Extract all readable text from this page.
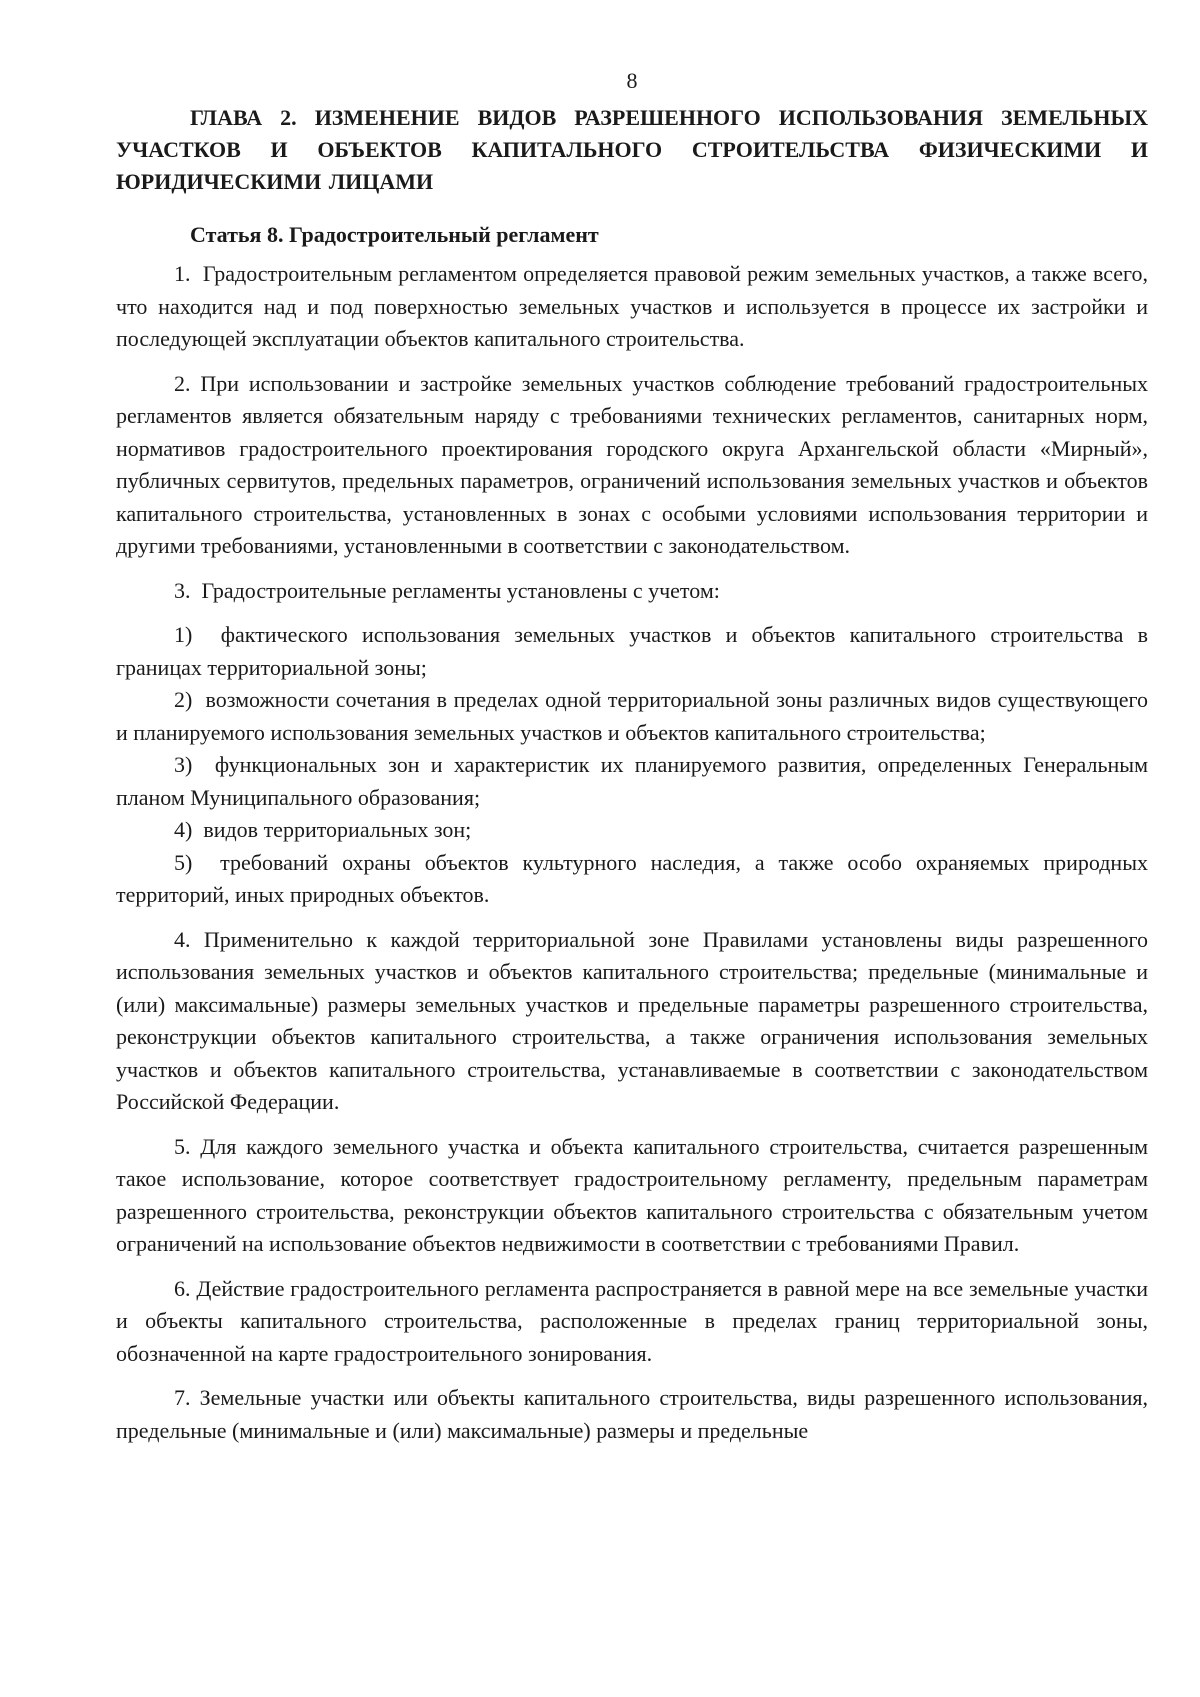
8
ГЛАВА 2. ИЗМЕНЕНИЕ ВИДОВ РАЗРЕШЕННОГО ИСПОЛЬЗОВАНИЯ ЗЕМЕЛЬНЫХ УЧАСТКОВ И ОБЪЕКТОВ КАПИТАЛЬНОГО СТРОИТЕЛЬСТВА ФИЗИЧЕСКИМИ И ЮРИДИЧЕСКИМИ ЛИЦАМИ
Статья 8. Градостроительный регламент

1.  Градостроительным регламентом определяется правовой режим земельных участков, а также всего, что находится над и под поверхностью земельных участков и используется в процессе их застройки и последующей эксплуатации объектов капитального строительства.

2. При использовании и застройке земельных участков соблюдение требований градостроительных регламентов является обязательным наряду с требованиями технических регламентов, санитарных норм, нормативов градостроительного проектирования городского округа Архангельской области «Мирный», публичных сервитутов, предельных параметров, ограничений использования земельных участков и объектов капитального строительства, установленных в зонах с особыми условиями использования территории и другими требованиями, установленными в соответствии с законодательством.

3.  Градостроительные регламенты установлены с учетом:

1)  фактического использования земельных участков и объектов капитального строительства в границах территориальной зоны;

2)  возможности сочетания в пределах одной территориальной зоны различных видов существующего и планируемого использования земельных участков и объектов капитального строительства;

3)  функциональных зон и характеристик их планируемого развития, определенных Генеральным планом Муниципального образования;

4)  видов территориальных зон;

5)  требований охраны объектов культурного наследия, а также особо охраняемых природных территорий, иных природных объектов.

4. Применительно к каждой территориальной зоне Правилами установлены виды разрешенного использования земельных участков и объектов капитального строительства; предельные (минимальные и (или) максимальные) размеры земельных участков и предельные параметры разрешенного строительства, реконструкции объектов капитального строительства, а также ограничения использования земельных участков и объектов капитального строительства, устанавливаемые в соответствии с законодательством Российской Федерации.

5. Для каждого земельного участка и объекта капитального строительства, считается разрешенным такое использование, которое соответствует градостроительному регламенту, предельным параметрам разрешенного строительства, реконструкции объектов капитального строительства с обязательным учетом ограничений на использование объектов недвижимости в соответствии с требованиями Правил.

6. Действие градостроительного регламента распространяется в равной мере на все земельные участки и объекты капитального строительства, расположенные в пределах границ территориальной зоны, обозначенной на карте градостроительного зонирования.

7. Земельные участки или объекты капитального строительства, виды разрешенного использования, предельные (минимальные и (или) максимальные) размеры и предельные
